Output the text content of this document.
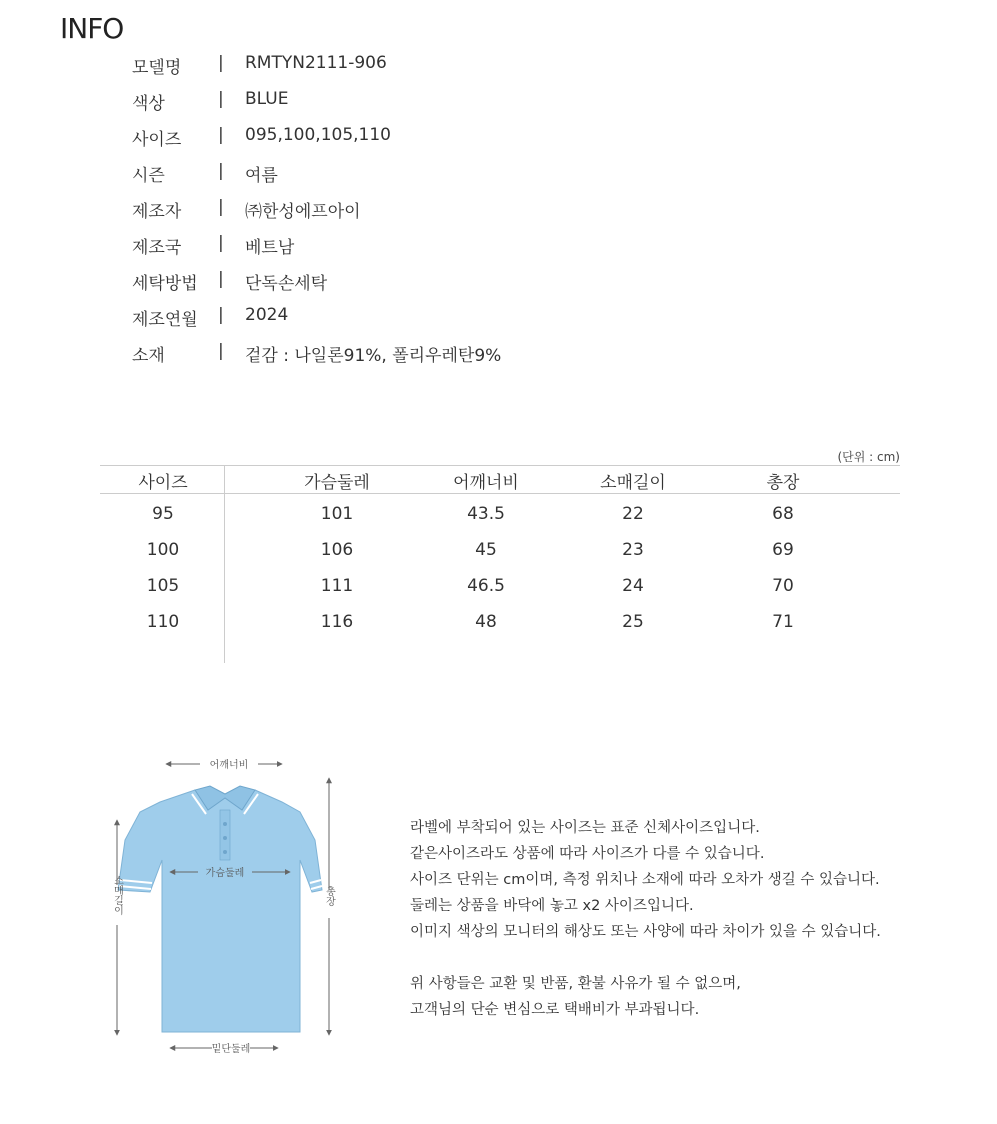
INFO
모델명	| RMTYN2111-906
색상	| BLUE
사이즈	| 095,100,105,110
시즌	| 여름
제조자	| ㈜한성에프아이
제조국	| 베트남
세탁방법	| 단독손세탁
제조연월	| 2024
소재	| 겉감 : 나일론91%, 폴리우레탄9%
(단위 : cm)
사이즈	가슴둘레	어깨너비	소매길이	총장
95	101	43.5	22	68
100	106	45	23	69
105	111	46.5	24	70
110	116	48	25	71
어깨너비
가슴둘레
소매길이	총장
밑단둘레
라벨에 부착되어 있는 사이즈는 표준 신체사이즈입니다.
같은사이즈라도 상품에 따라 사이즈가 다를 수 있습니다.
사이즈 단위는 cm이며, 측정 위치나 소재에 따라 오차가 생길 수 있습니다.
둘레는 상품을 바닥에 놓고 x2 사이즈입니다.
이미지 색상의 모니터의 해상도 또는 사양에 따라 차이가 있을 수 있습니다.
위 사항들은 교환 및 반품, 환불 사유가 될 수 없으며,
고객님의 단순 변심으로 택배비가 부과됩니다.
